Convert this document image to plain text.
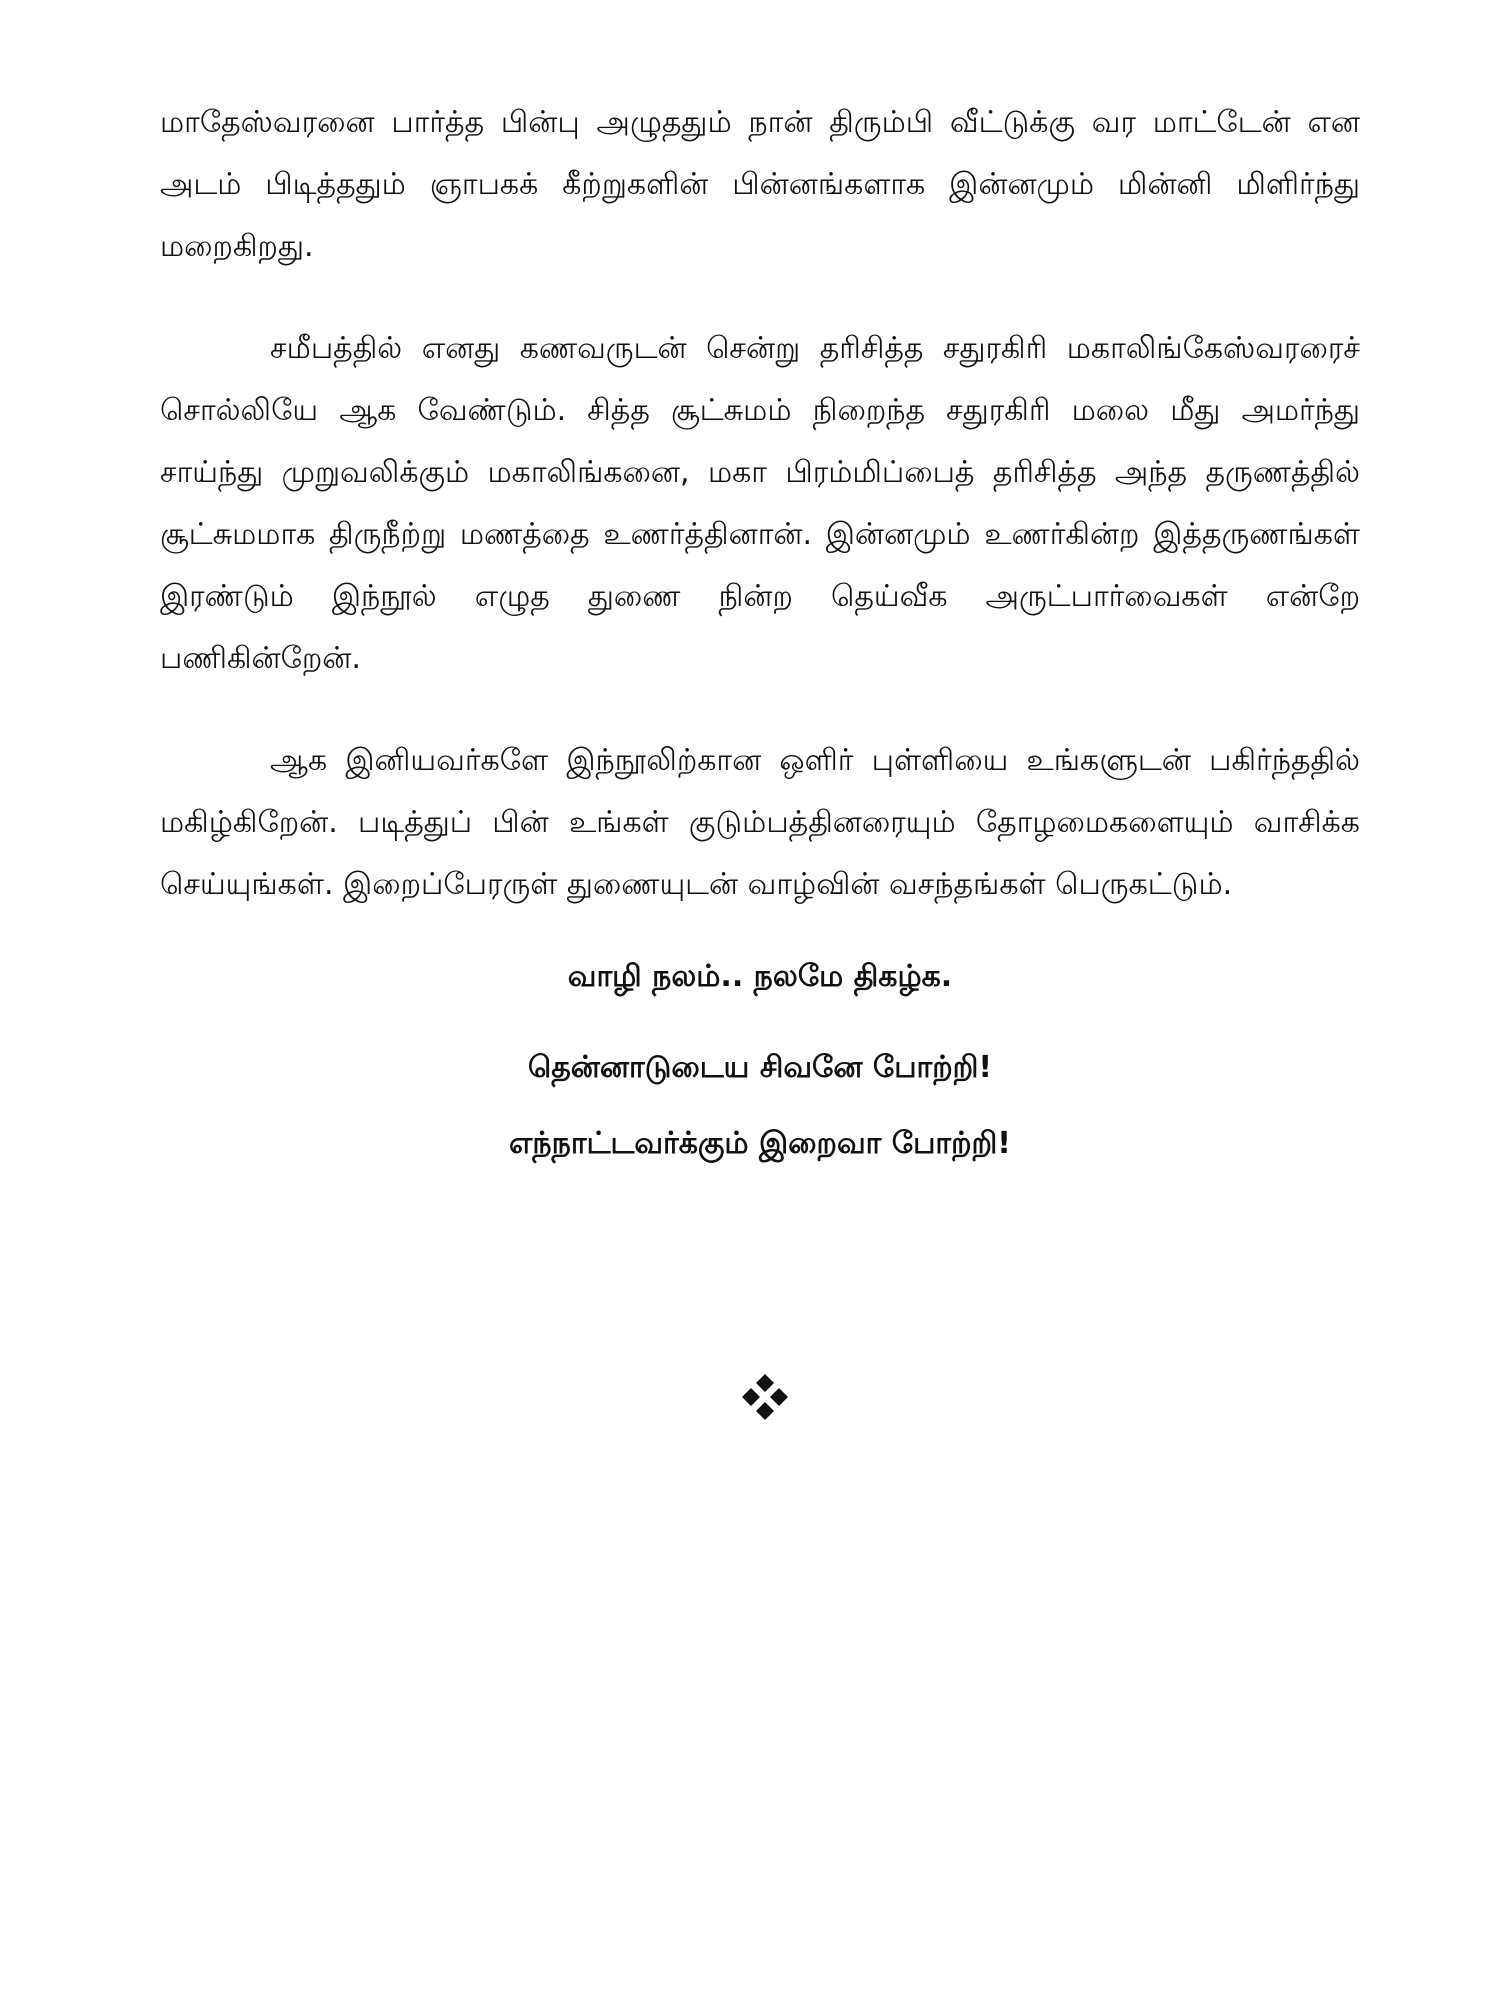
மாதேஸ்வரனை பார்த்த பின்பு அழுததும் நான் திரும்பி வீட்டுக்கு வர மாட்டேன் என அடம் பிடித்ததும் ஞாபகக் கீற்றுகளின் பின்னங்களாக இன்னமும் மின்னி மிளிர்ந்து மறைகிறது.

சமீபத்தில் எனது கணவருடன் சென்று தரிசித்த சதுரகிரி மகாலிங்கேஸ்வரரைச் சொல்லியே ஆக வேண்டும். சித்த சூட்சுமம் நிறைந்த சதுரகிரி மலை மீது அமர்ந்து சாய்ந்து முறுவலிக்கும் மகாலிங்கனை, மகா பிரம்மிப்பைத் தரிசித்த அந்த தருணத்தில் சூட்சுமமாக திருநீற்று மணத்தை உணர்த்தினான். இன்னமும் உணர்கின்ற இத்தருணங்கள் இரண்டும் இந்நூல் எழுத துணை நின்ற தெய்வீக அருட்பார்வைகள் என்றே பணிகின்றேன்.

ஆக இனியவர்களே இந்நூலிற்கான ஒளிர் புள்ளியை உங்களுடன் பகிர்ந்ததில் மகிழ்கிறேன். படித்துப் பின் உங்கள் குடும்பத்தினரையும் தோழமைகளையும் வாசிக்க செய்யுங்கள். இறைப்பேரருள் துணையுடன் வாழ்வின் வசந்தங்கள் பெருகட்டும்.

வாழி நலம்.. நலமே திகழ்க.

தென்னாடுடைய சிவனே போற்றி!

எந்நாட்டவர்க்கும் இறைவா போற்றி!
